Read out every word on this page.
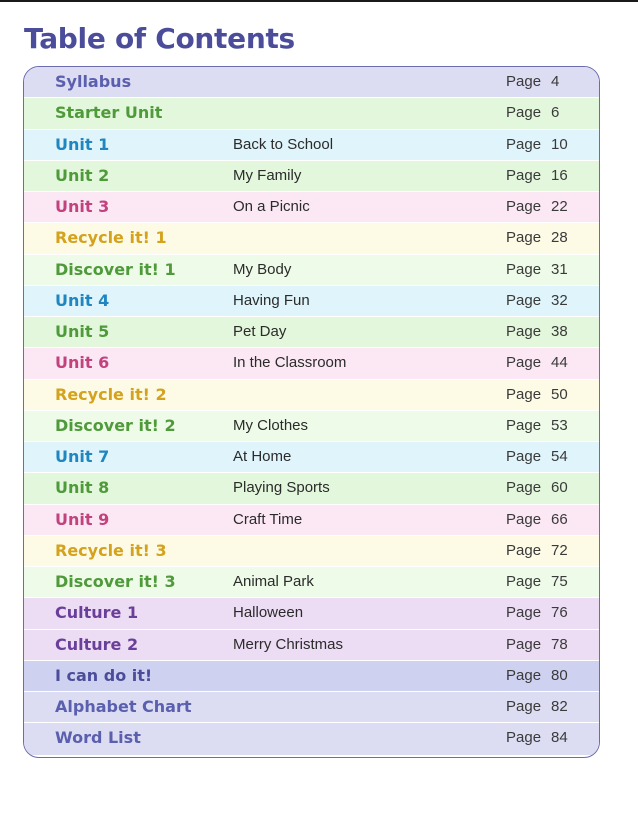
Table of Contents
Syllabus	Page 4
Starter Unit	Page 6
Unit 1	Back to School	Page 10
Unit 2	My Family	Page 16
Unit 3	On a Picnic	Page 22
Recycle it! 1	Page 28
Discover it! 1	My Body	Page 31
Unit 4	Having Fun	Page 32
Unit 5	Pet Day	Page 38
Unit 6	In the Classroom	Page 44
Recycle it! 2	Page 50
Discover it! 2	My Clothes	Page 53
Unit 7	At Home	Page 54
Unit 8	Playing Sports	Page 60
Unit 9	Craft Time	Page 66
Recycle it! 3	Page 72
Discover it! 3	Animal Park	Page 75
Culture 1	Halloween	Page 76
Culture 2	Merry Christmas	Page 78
I can do it!	Page 80
Alphabet Chart	Page 82
Word List	Page 84
